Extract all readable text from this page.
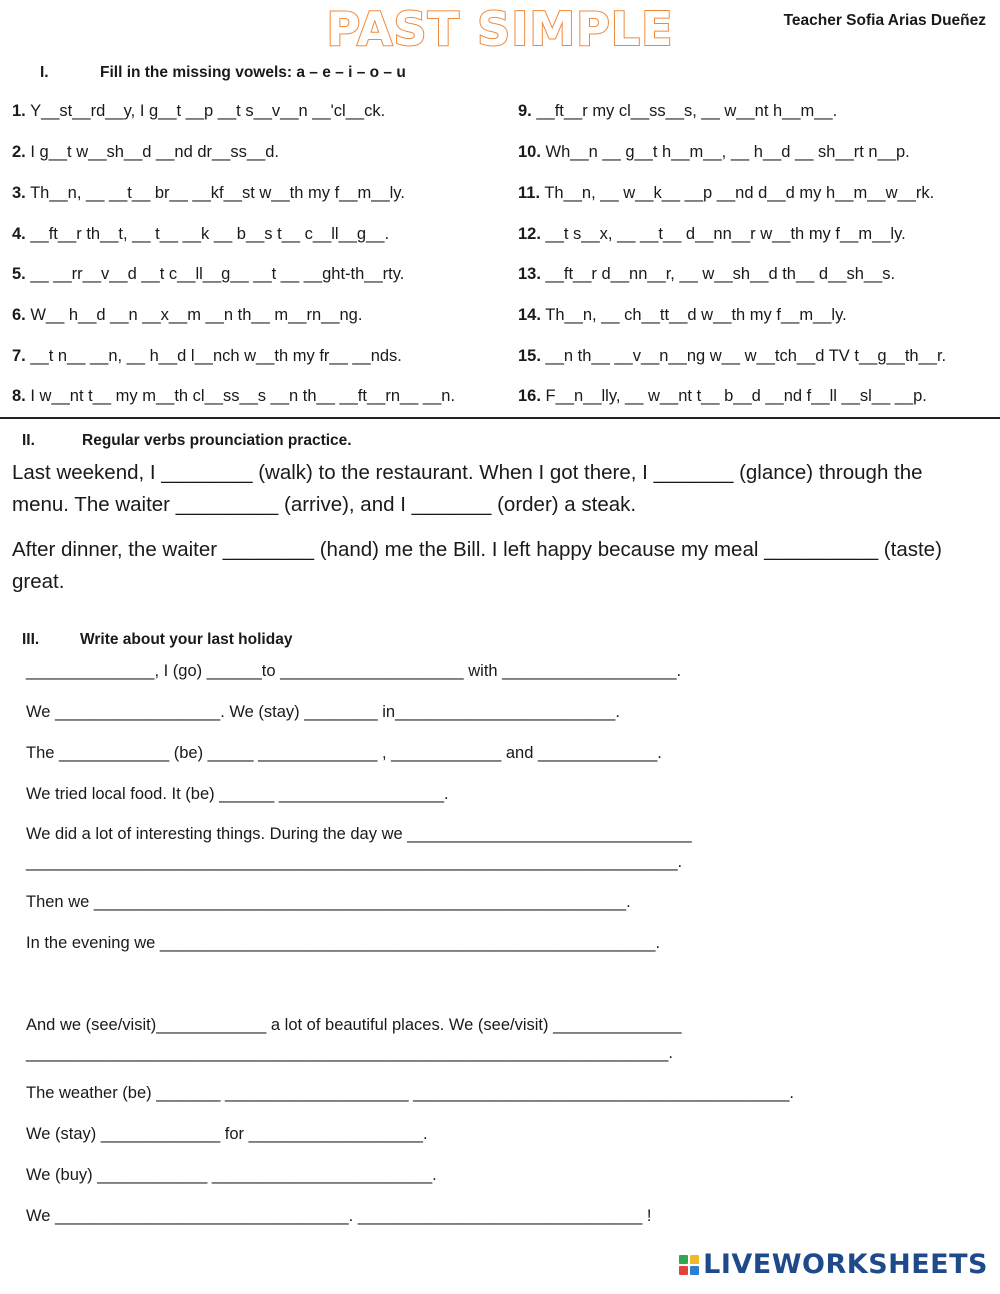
PAST SIMPLE	Teacher Sofia Arias Dueñez
I.	Fill in the missing vowels: a – e – i – o – u
1. Y__st__rd__y, I g__t __p __t s__v__n __'cl__ck.
2. I g__t w__sh__d __nd dr__ss__d.
3. Th__n, __ __t__ br__ __kf__st w__th my f__m__ly.
4. __ft__r th__t, __ t__ __k __ b__s t__ c__ll__g__.
5. __ __rr__v__d __t c__ll__g__ __t __ __ght-th__rty.
6. W__ h__d __n __x__m __n th__ m__rn__ng.
7. __t n__ __n, __ h__d l__nch w__th my fr__ __nds.
8. I w__nt t__ my m__th cl__ss__s __n th__ __ft__rn__ __n.
9. __ft__r my cl__ss__s, __ w__nt h__m__.
10. Wh__n __ g__t h__m__, __ h__d __ sh__rt n__p.
11. Th__n, __ w__k__ __p __nd d__d my h__m__w__rk.
12. __t s__x, __ __t__ d__nn__r w__th my f__m__ly.
13. __ft__r d__nn__r, __ w__sh__d th__ d__sh__s.
14. Th__n, __ ch__tt__d w__th my f__m__ly.
15. __n th__ __v__n__ng w__ w__tch__d TV t__g__th__r.
16. F__n__lly, __ w__nt t__ b__d __nd f__ll __sl__ __p.
II.	Regular verbs prounciation practice.
Last weekend, I ________ (walk) to the restaurant. When I got there, I _______ (glance) through the
menu. The waiter _________ (arrive), and I _______ (order) a steak.
After dinner, the waiter ________ (hand) me the Bill. I left happy because my meal __________ (taste)
great.
III.	Write about your last holiday
______________, I (go) ______to ____________________ with ___________________.
We __________________. We (stay) ________ in________________________.
The ____________ (be) _____ _____________ , ____________ and _____________.
We tried local food. It (be) ______ __________________.
We did a lot of interesting things. During the day we _______________________________
_______________________________________________________________________.
Then we __________________________________________________________.
In the evening we ______________________________________________________.
And we (see/visit)____________ a lot of beautiful places. We (see/visit) ______________
______________________________________________________________________.
The weather (be) _______ ____________________ _________________________________________.
We (stay) _____________ for ___________________.
We (buy) ____________ ________________________.
We ________________________________. _______________________________ !
LIVEWORKSHEETS
